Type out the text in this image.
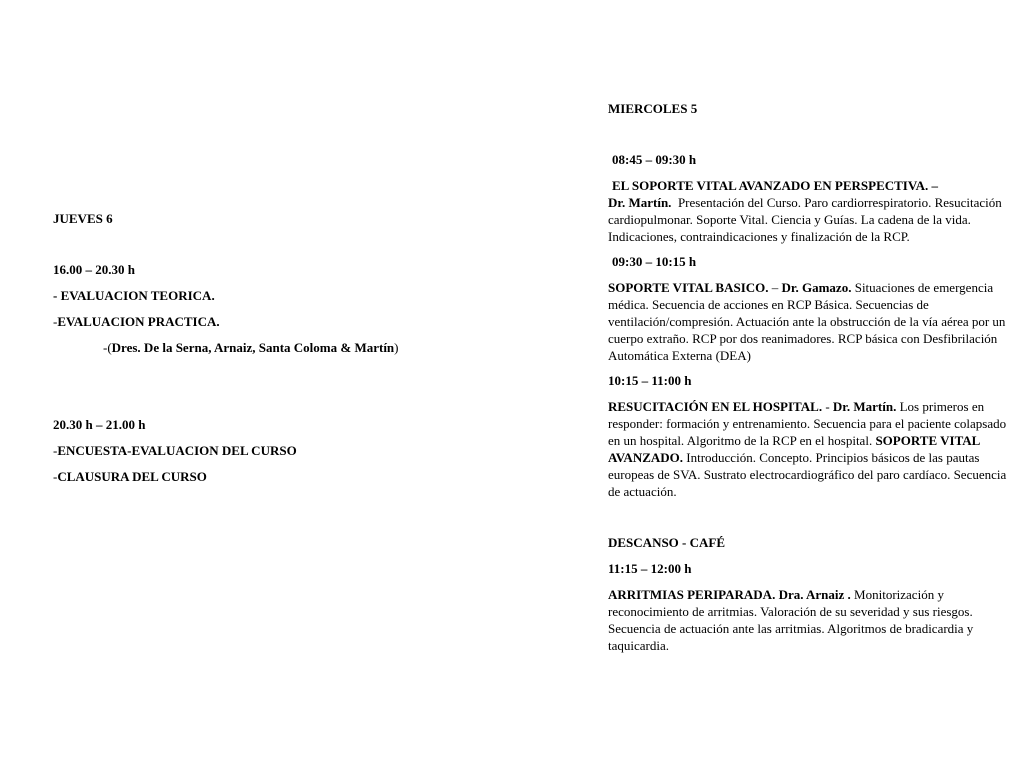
JUEVES 6
16.00 – 20.30 h
- EVALUACION TEORICA.
-EVALUACION PRACTICA.
-(Dres. De la Serna, Arnaiz, Santa Coloma & Martín)
20.30 h – 21.00 h
-ENCUESTA-EVALUACION DEL CURSO
-CLAUSURA DEL CURSO
MIERCOLES 5
08:45 – 09:30 h
EL SOPORTE VITAL AVANZADO EN PERSPECTIVA. –
Dr. Martín. Presentación del Curso. Paro cardiorrespiratorio. Resucitación cardiopulmonar. Soporte Vital. Ciencia y Guías. La cadena de la vida. Indicaciones, contraindicaciones y finalización de la RCP.
09:30 – 10:15 h
SOPORTE VITAL BASICO. – Dr. Gamazo. Situaciones de emergencia médica. Secuencia de acciones en RCP Básica. Secuencias de ventilación/compresión. Actuación ante la obstrucción de la vía aérea por un cuerpo extraño. RCP por dos reanimadores. RCP básica con Desfibrilación Automática Externa (DEA)
10:15 – 11:00 h
RESUCITACIÓN EN EL HOSPITAL. - Dr. Martín. Los primeros en responder: formación y entrenamiento. Secuencia para el paciente colapsado en un hospital. Algoritmo de la RCP en el hospital. SOPORTE VITAL AVANZADO. Introducción. Concepto. Principios básicos de las pautas europeas de SVA. Sustrato electrocardiográfico del paro cardíaco. Secuencia de actuación.
DESCANSO - CAFÉ
11:15 – 12:00 h
ARRITMIAS PERIPARADA. Dra. Arnaiz . Monitorización y reconocimiento de arritmias. Valoración de su severidad y sus riesgos. Secuencia de actuación ante las arritmias. Algoritmos de bradicardia y taquicardia.
